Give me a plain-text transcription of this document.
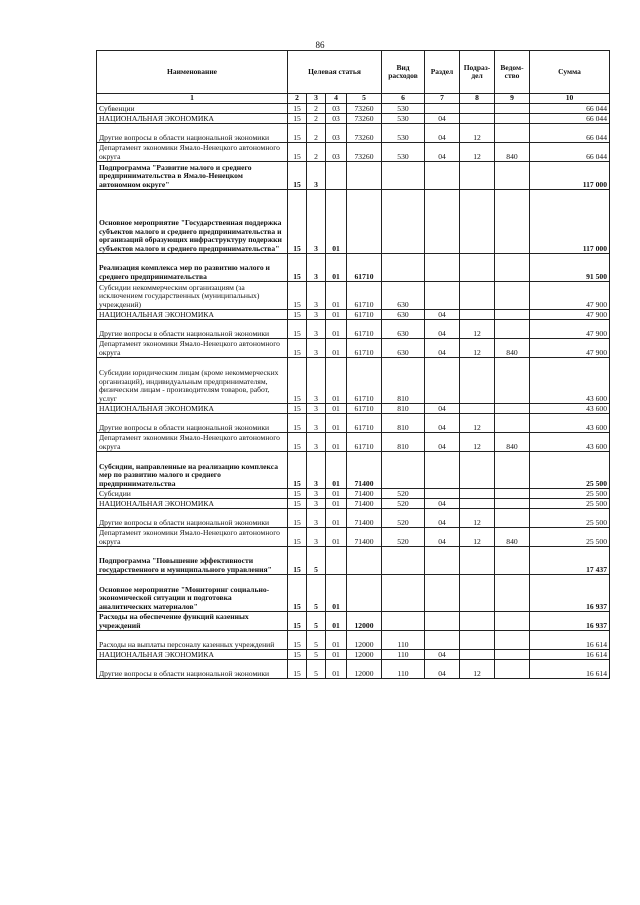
86
Наименование	Целевая статья				Вид расходов	Раздел	Подраз-дел	Ведом-ство	Сумма
1	2	3	4	5	6	7	8	9	10
Субвенции	15	2	03	73260	530				66 044
НАЦИОНАЛЬНАЯ ЭКОНОМИКА	15	2	03	73260	530	04			66 044
Другие вопросы в области национальной экономики	15	2	03	73260	530	04	12		66 044
Департамент экономики Ямало-Ненецкого автономного округа	15	2	03	73260	530	04	12	840	66 044
Подпрограмма "Развитие малого и среднего предпринимательства в Ямало-Ненецком автономном округе"	15	3							117 000
Основное мероприятие "Государственная поддержка субъектов малого и среднего предпринимательства и организаций образующих инфраструктуру подержки субъектов малого и среднего предпринимательства"	15	3	01						117 000
Реализация комплекса мер по развитию малого и среднего предпринимательства	15	3	01	61710					91 500
Субсидии некоммерческим организациям (за исключением государственных (муниципальных) учреждений)	15	3	01	61710	630				47 900
НАЦИОНАЛЬНАЯ ЭКОНОМИКА	15	3	01	61710	630	04			47 900
Другие вопросы в области национальной экономики	15	3	01	61710	630	04	12		47 900
Департамент экономики Ямало-Ненецкого автономного округа	15	3	01	61710	630	04	12	840	47 900
Субсидии юридическим лицам (кроме некоммерческих организаций), индивидуальным предпринимателям, физическим лицам - производителям товаров, работ, услуг	15	3	01	61710	810				43 600
НАЦИОНАЛЬНАЯ ЭКОНОМИКА	15	3	01	61710	810	04			43 600
Другие вопросы в области национальной экономики	15	3	01	61710	810	04	12		43 600
Департамент экономики Ямало-Ненецкого автономного округа	15	3	01	61710	810	04	12	840	43 600
Субсидии, направленные на реализацию комплекса мер по развитию малого и среднего предпринимательства	15	3	01	71400					25 500
Субсидии	15	3	01	71400	520				25 500
НАЦИОНАЛЬНАЯ ЭКОНОМИКА	15	3	01	71400	520	04			25 500
Другие вопросы в области национальной экономики	15	3	01	71400	520	04	12		25 500
Департамент экономики Ямало-Ненецкого автономного округа	15	3	01	71400	520	04	12	840	25 500
Подпрограмма "Повышение эффективности государственного и муниципального управления"	15	5							17 437
Основное мероприятие "Мониторинг социально-экономической ситуации и подготовка аналитических материалов"	15	5	01						16 937
Расходы на обеспечение функций казенных учреждений	15	5	01	12000					16 937
Расходы на выплаты персоналу казенных учреждений	15	5	01	12000	110				16 614
НАЦИОНАЛЬНАЯ ЭКОНОМИКА	15	5	01	12000	110	04			16 614
Другие вопросы в области национальной экономики	15	5	01	12000	110	04	12		16 614
